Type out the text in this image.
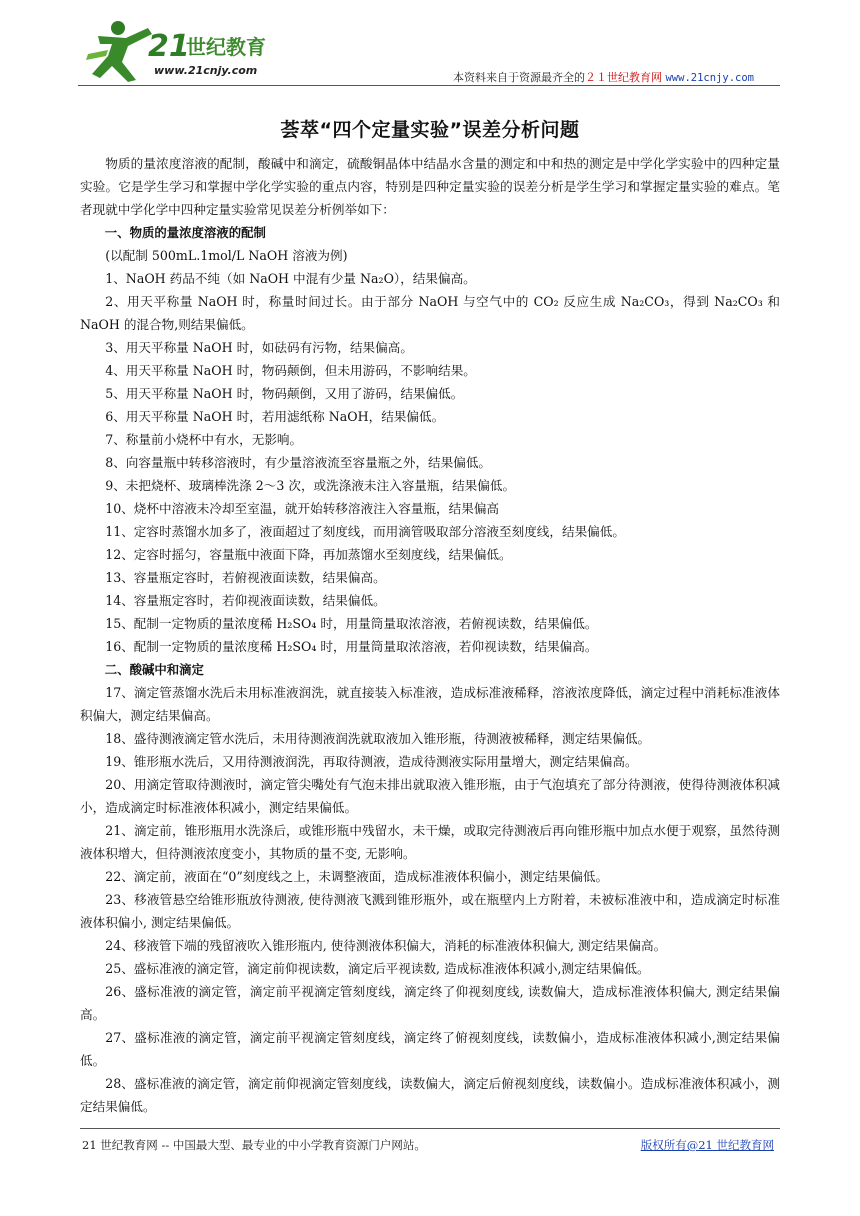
21
世纪教育
www.21cnjy.com
本资料来自于资源最齐全的２１世纪教育网 www.21cnjy.com
荟萃“四个定量实验”误差分析问题

物质的量浓度溶液的配制，酸碱中和滴定，硫酸铜晶体中结晶水含量的测定和中和热的测定是中学化学实验中的四种定量实验。它是学生学习和掌握中学化学实验的重点内容，特别是四种定量实验的误差分析是学生学习和掌握定量实验的难点。笔者现就中学化学中四种定量实验常见误差分析例举如下：

一、物质的量浓度溶液的配制

(以配制 500mL.1mol/L NaOH 溶液为例)

1、NaOH 药品不纯（如 NaOH 中混有少量 Na₂O），结果偏高。

2、用天平称量 NaOH 时，称量时间过长。由于部分 NaOH 与空气中的 CO₂ 反应生成 Na₂CO₃，得到 Na₂CO₃ 和 NaOH 的混合物,则结果偏低。

3、用天平称量 NaOH 时，如砝码有污物，结果偏高。

4、用天平称量 NaOH 时，物码颠倒，但未用游码，不影响结果。

5、用天平称量 NaOH 时，物码颠倒，又用了游码，结果偏低。

6、用天平称量 NaOH 时，若用滤纸称 NaOH，结果偏低。

7、称量前小烧杯中有水，无影响。

8、向容量瓶中转移溶液时，有少量溶液流至容量瓶之外，结果偏低。

9、未把烧杯、玻璃棒洗涤 2～3 次，或洗涤液未注入容量瓶，结果偏低。

10、烧杯中溶液未冷却至室温，就开始转移溶液注入容量瓶，结果偏高

11、定容时蒸馏水加多了，液面超过了刻度线，而用滴管吸取部分溶液至刻度线，结果偏低。

12、定容时摇匀，容量瓶中液面下降，再加蒸馏水至刻度线，结果偏低。

13、容量瓶定容时，若俯视液面读数，结果偏高。

14、容量瓶定容时，若仰视液面读数，结果偏低。

15、配制一定物质的量浓度稀 H₂SO₄ 时，用量筒量取浓溶液，若俯视读数，结果偏低。

16、配制一定物质的量浓度稀 H₂SO₄ 时，用量筒量取浓溶液，若仰视读数，结果偏高。

二、酸碱中和滴定

17、滴定管蒸馏水洗后未用标准液润洗，就直接装入标准液，造成标准液稀释，溶液浓度降低，滴定过程中消耗标准液体积偏大，测定结果偏高。

18、盛待测液滴定管水洗后，未用待测液润洗就取液加入锥形瓶，待测液被稀释，测定结果偏低。

19、锥形瓶水洗后，又用待测液润洗，再取待测液，造成待测液实际用量增大，测定结果偏高。

20、用滴定管取待测液时，滴定管尖嘴处有气泡未排出就取液入锥形瓶，由于气泡填充了部分待测液，使得待测液体积减小，造成滴定时标准液体积减小，测定结果偏低。

21、滴定前，锥形瓶用水洗涤后，或锥形瓶中残留水，未干燥，或取完待测液后再向锥形瓶中加点水便于观察，虽然待测液体积增大，但待测液浓度变小，其物质的量不变, 无影响。

22、滴定前，液面在“0”刻度线之上，未调整液面，造成标准液体积偏小，测定结果偏低。

23、移液管悬空给锥形瓶放待测液, 使待测液飞溅到锥形瓶外，或在瓶壁内上方附着，未被标准液中和，造成滴定时标准液体积偏小, 测定结果偏低。

24、移液管下端的残留液吹入锥形瓶内, 使待测液体积偏大，消耗的标准液体积偏大, 测定结果偏高。

25、盛标准液的滴定管，滴定前仰视读数，滴定后平视读数, 造成标准液体积减小,测定结果偏低。

26、盛标准液的滴定管，滴定前平视滴定管刻度线，滴定终了仰视刻度线, 读数偏大，造成标准液体积偏大, 测定结果偏高。

27、盛标准液的滴定管，滴定前平视滴定管刻度线，滴定终了俯视刻度线，读数偏小，造成标准液体积减小,测定结果偏低。

28、盛标准液的滴定管，滴定前仰视滴定管刻度线，读数偏大，滴定后俯视刻度线，读数偏小。造成标准液体积减小，测定结果偏低。

21 世纪教育网 -- 中国最大型、最专业的中小学教育资源门户网站。	版权所有@21 世纪教育网
